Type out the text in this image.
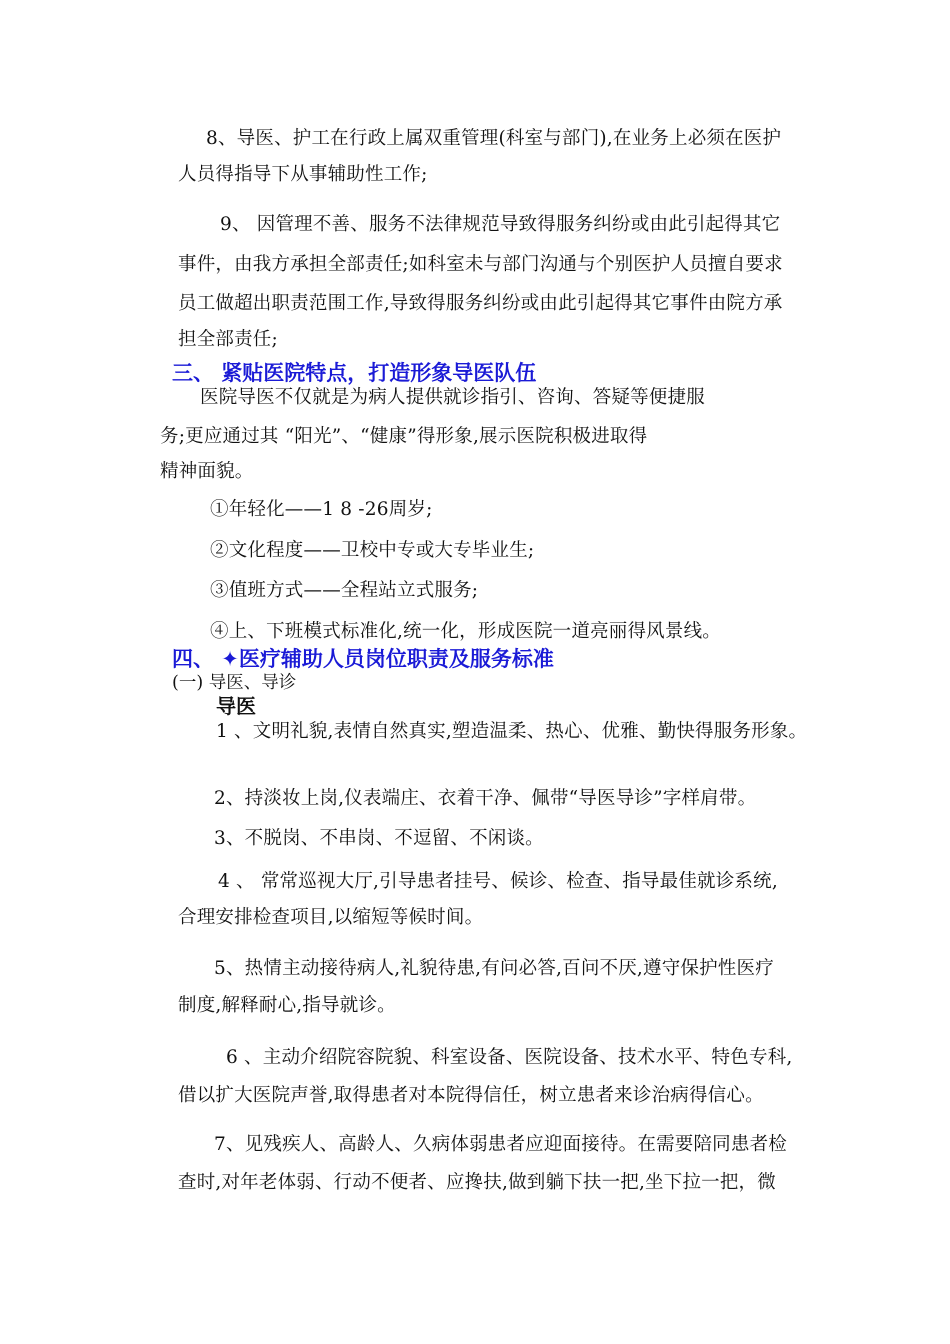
8、导医、护工在行政上属双重管理(科室与部门),在业务上必须在医护
人员得指导下从事辅助性工作;
9、 因管理不善、服务不法律规范导致得服务纠纷或由此引起得其它
事件，由我方承担全部责任;如科室未与部门沟通与个别医护人员擅自要求
员工做超出职责范围工作,导致得服务纠纷或由此引起得其它事件由院方承
担全部责任;
三、 紧贴医院特点，打造形象导医队伍
医院导医不仅就是为病人提供就诊指引、咨询、答疑等便捷服
务;更应通过其 “阳光”、“健康”得形象,展示医院积极进取得
精神面貌。
①年轻化——1 8 -26周岁;
②文化程度——卫校中专或大专毕业生;
③值班方式——全程站立式服务;
④上、下班模式标准化,统一化，形成医院一道亮丽得风景线。
四、 ✦医疗辅助人员岗位职责及服务标准
(一) 导医、导诊
导医
1 、文明礼貌,表情自然真实,塑造温柔、热心、优雅、勤快得服务形象。
2、持淡妆上岗,仪表端庄、衣着干净、佩带“导医导诊”字样肩带。
3、不脱岗、不串岗、不逗留、不闲谈。
4 、 常常巡视大厅,引导患者挂号、候诊、检查、指导最佳就诊系统,
合理安排检查项目,以缩短等候时间。
5、热情主动接待病人,礼貌待患,有问必答,百问不厌,遵守保护性医疗
制度,解释耐心,指导就诊。
6 、主动介绍院容院貌、科室设备、医院设备、技术水平、特色专科,
借以扩大医院声誉,取得患者对本院得信任，树立患者来诊治病得信心。
7、见残疾人、高龄人、久病体弱患者应迎面接待。在需要陪同患者检
查时,对年老体弱、行动不便者、应搀扶,做到躺下扶一把,坐下拉一把，微
